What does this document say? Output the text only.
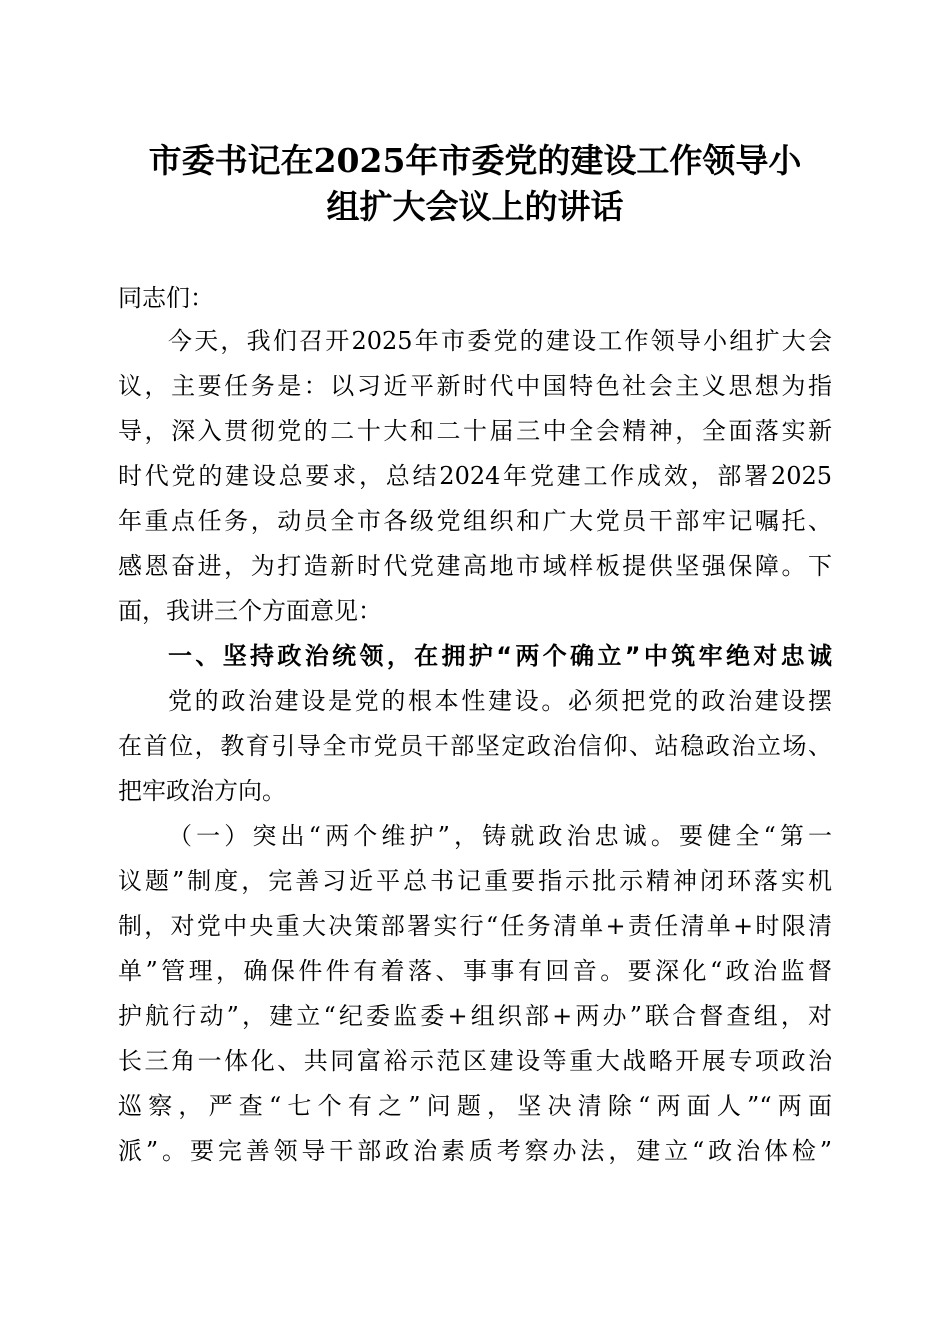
市委书记在2025年市委党的建设工作领导小
组扩大会议上的讲话
同志们：
今天，我们召开2025年市委党的建设工作领导小组扩大会
议，主要任务是：以习近平新时代中国特色社会主义思想为指
导，深入贯彻党的二十大和二十届三中全会精神，全面落实新
时代党的建设总要求，总结2024年党建工作成效，部署2025
年重点任务，动员全市各级党组织和广大党员干部牢记嘱托、
感恩奋进，为打造新时代党建高地市域样板提供坚强保障。下
面，我讲三个方面意见：
一、坚持政治统领，在拥护“两个确立”中筑牢绝对忠诚
党的政治建设是党的根本性建设。必须把党的政治建设摆
在首位，教育引导全市党员干部坚定政治信仰、站稳政治立场、
把牢政治方向。
（一）突出“两个维护”，铸就政治忠诚。要健全“第一
议题”制度，完善习近平总书记重要指示批示精神闭环落实机
制，对党中央重大决策部署实行“任务清单+责任清单+时限清
单”管理，确保件件有着落、事事有回音。要深化“政治监督
护航行动”，建立“纪委监委+组织部+两办”联合督查组，对
长三角一体化、共同富裕示范区建设等重大战略开展专项政治
巡察，严查“七个有之”问题，坚决清除“两面人”“两面
派”。要完善领导干部政治素质考察办法，建立“政治体检”
